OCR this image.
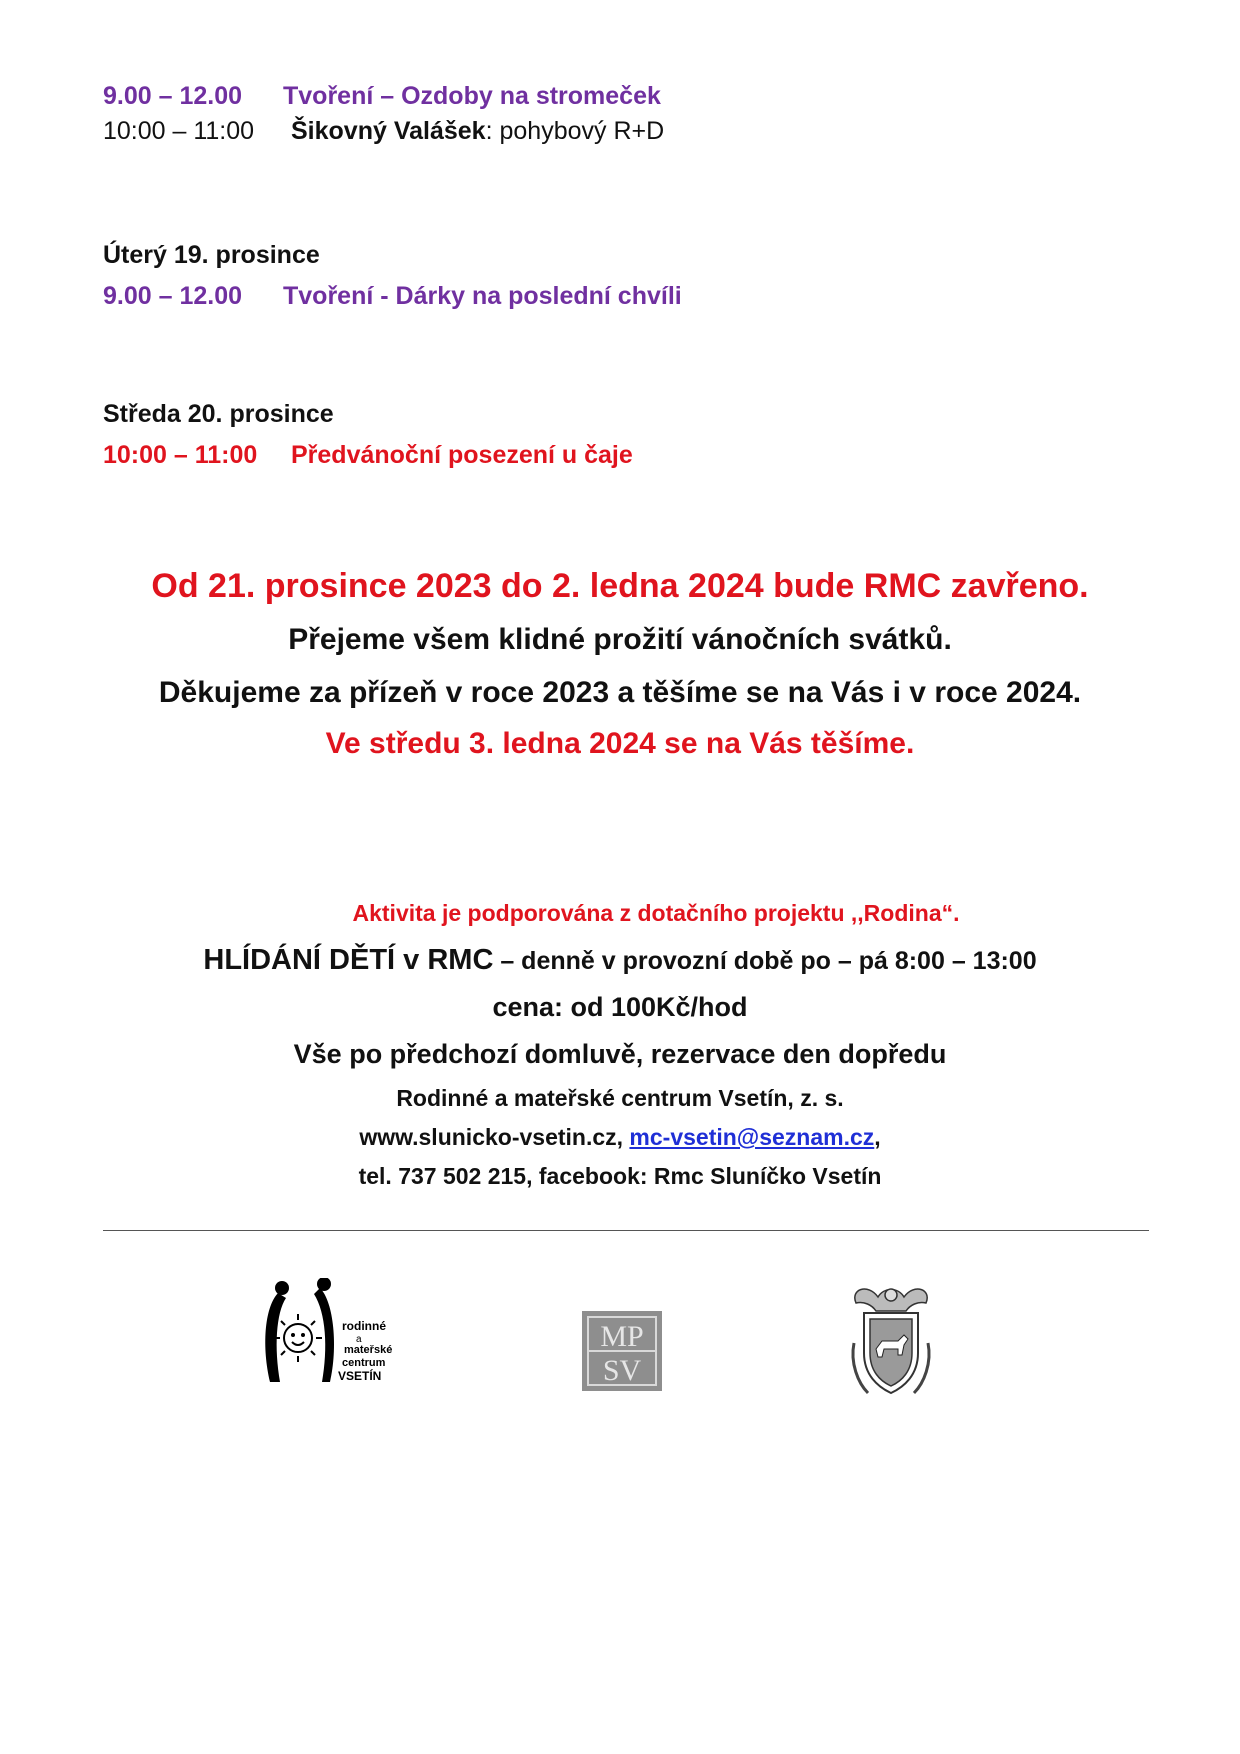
9.00 – 12.00 Tvoření – Ozdoby na stromeček
10:00 – 11:00 Šikovný Valášek: pohybový R+D
Úterý 19. prosince
9.00 – 12.00 Tvoření - Dárky na poslední chvíli
Středa 20. prosince
10:00 – 11:00 Předvánoční posezení u čaje
Od 21. prosince 2023 do 2. ledna 2024 bude RMC zavřeno.
Přejeme všem klidné prožití vánočních svátků.
Děkujeme za přízeň v roce 2023 a těšíme se na Vás i v roce 2024.
Ve středu 3. ledna 2024 se na Vás těšíme.
Aktivita je podporována z dotačního projektu ,,Rodina“.
HLÍDÁNÍ DĚTÍ v RMC – denně v provozní době po – pá 8:00 – 13:00
cena: od 100Kč/hod
Vše po předchozí domluvě, rezervace den dopředu
Rodinné a mateřské centrum Vsetín, z. s.
www.slunicko-vsetin.cz, mc-vsetin@seznam.cz,
tel. 737 502 215, facebook: Rmc Sluníčko Vsetín
rodinné
a
mateřské
centrum
VSETÍN
MP
SV
